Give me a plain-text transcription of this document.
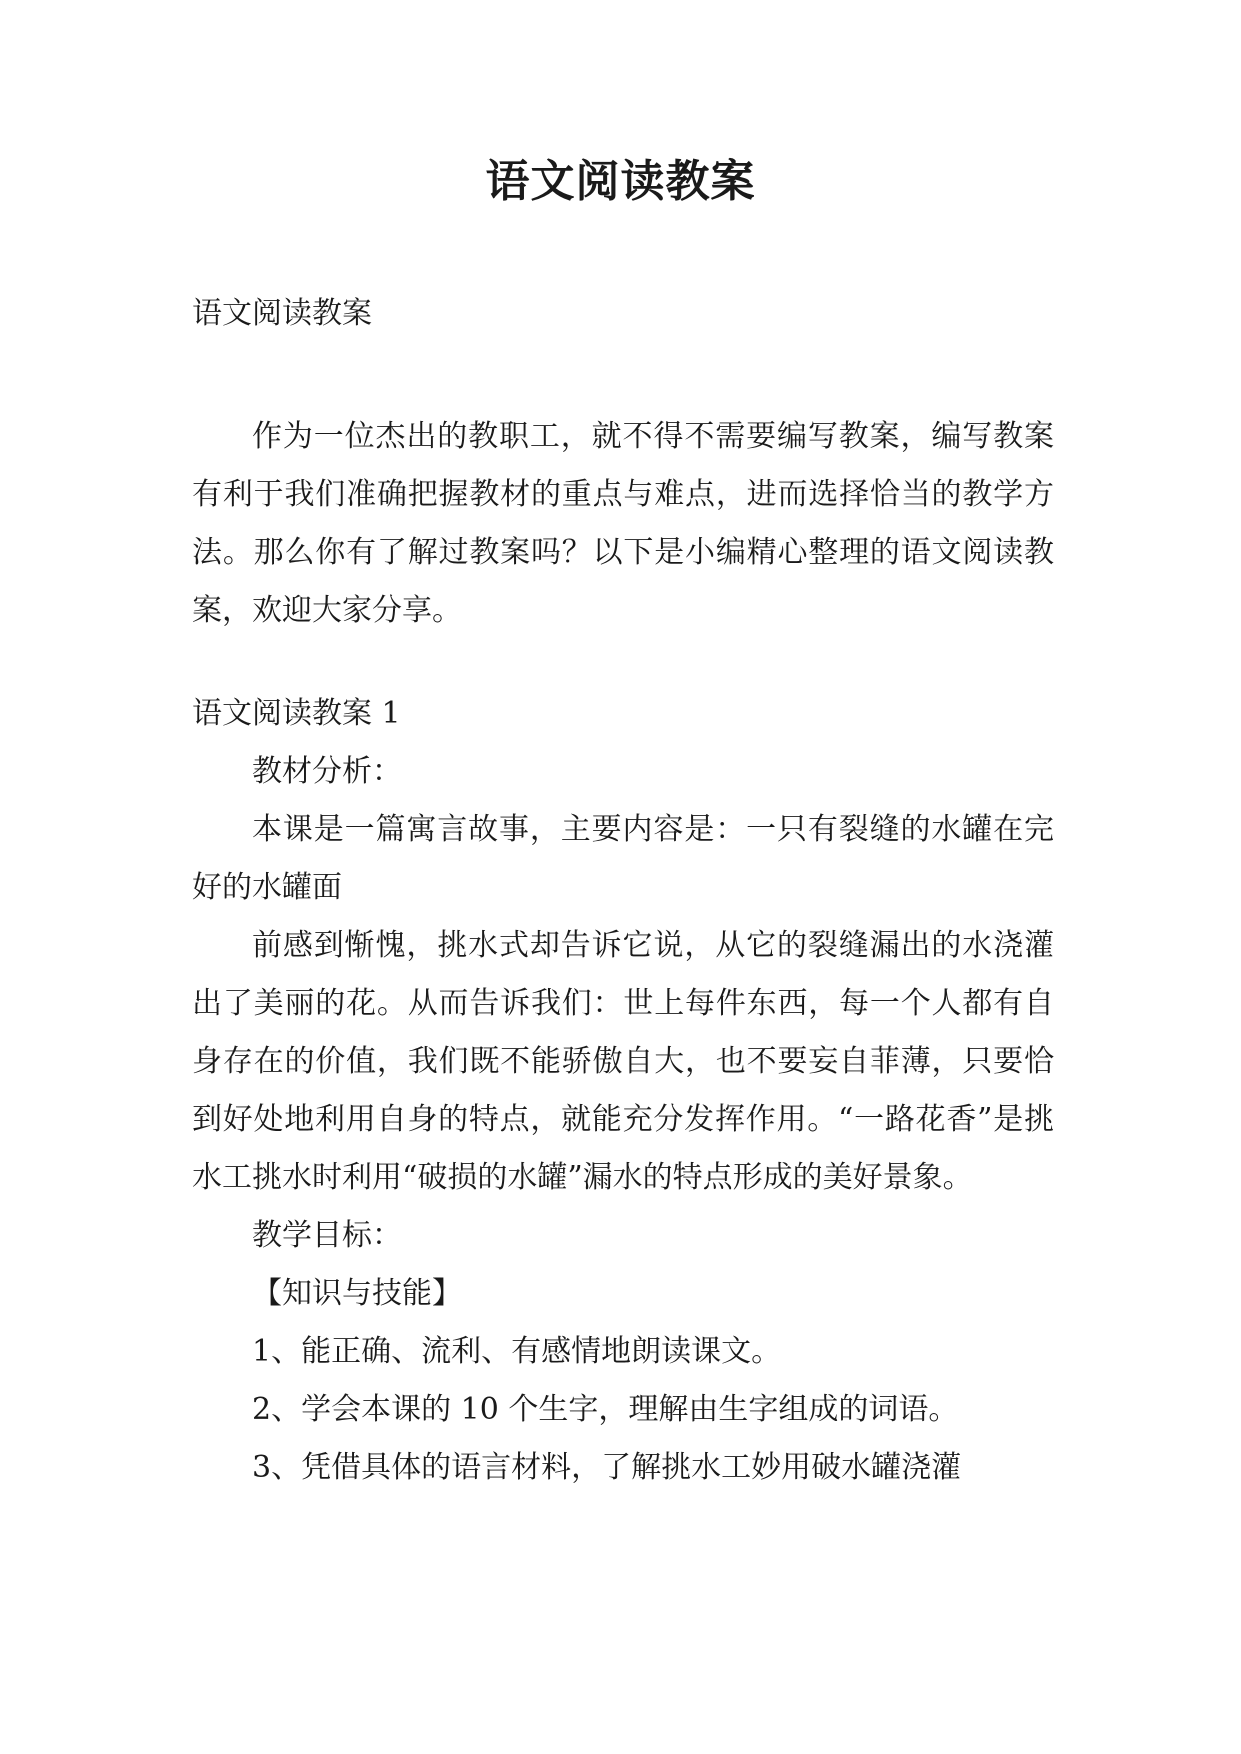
语文阅读教案

语文阅读教案

作为一位杰出的教职工，就不得不需要编写教案，编写教案有利于我们准确把握教材的重点与难点，进而选择恰当的教学方法。那么你有了解过教案吗？以下是小编精心整理的语文阅读教案，欢迎大家分享。

语文阅读教案 1

教材分析：

本课是一篇寓言故事，主要内容是：一只有裂缝的水罐在完好的水罐面

前感到惭愧，挑水式却告诉它说，从它的裂缝漏出的水浇灌出了美丽的花。从而告诉我们：世上每件东西，每一个人都有自身存在的价值，我们既不能骄傲自大，也不要妄自菲薄，只要恰到好处地利用自身的特点，就能充分发挥作用。“一路花香”是挑水工挑水时利用“破损的水罐”漏水的特点形成的美好景象。

教学目标：

【知识与技能】

1、能正确、流利、有感情地朗读课文。

2、学会本课的 10 个生字，理解由生字组成的词语。

3、凭借具体的语言材料，了解挑水工妙用破水罐浇灌
